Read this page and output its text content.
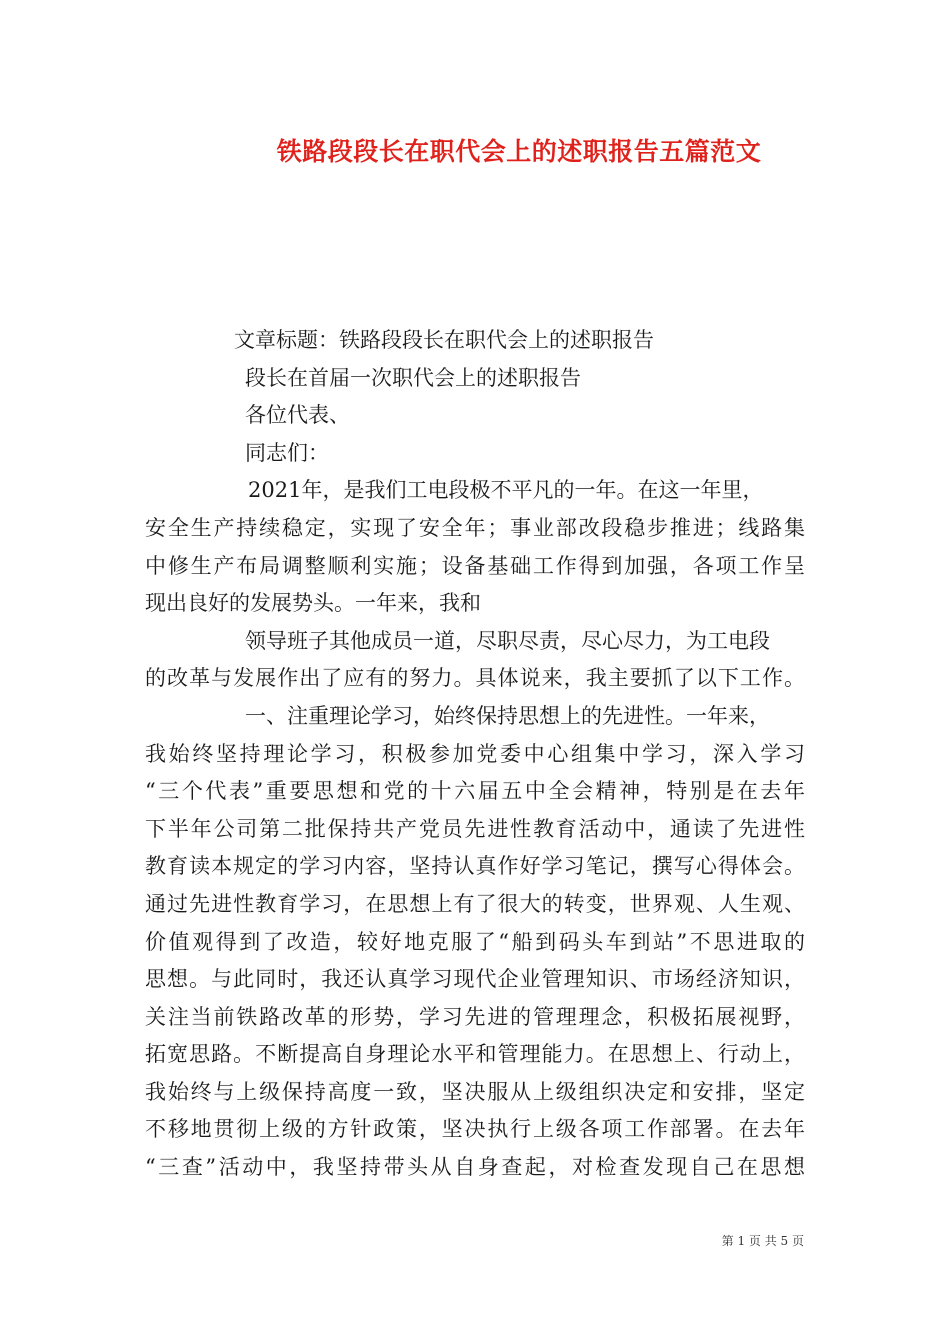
铁路段段长在职代会上的述职报告五篇范文
文章标题：铁路段段长在职代会上的述职报告
段长在首届一次职代会上的述职报告
各位代表、
同志们：
2021年，是我们工电段极不平凡的一年。在这一年里，
安全生产持续稳定，实现了安全年；事业部改段稳步推进；线路集
中修生产布局调整顺利实施；设备基础工作得到加强，各项工作呈
现出良好的发展势头。一年来，我和
领导班子其他成员一道，尽职尽责，尽心尽力，为工电段
的改革与发展作出了应有的努力。具体说来，我主要抓了以下工作。
一、注重理论学习，始终保持思想上的先进性。一年来，
我始终坚持理论学习，积极参加党委中心组集中学习，深入学习
“三个代表”重要思想和党的十六届五中全会精神，特别是在去年
下半年公司第二批保持共产党员先进性教育活动中，通读了先进性
教育读本规定的学习内容，坚持认真作好学习笔记，撰写心得体会。
通过先进性教育学习，在思想上有了很大的转变，世界观、人生观、
价值观得到了改造，较好地克服了“船到码头车到站”不思进取的
思想。与此同时，我还认真学习现代企业管理知识、市场经济知识，
关注当前铁路改革的形势，学习先进的管理理念，积极拓展视野，
拓宽思路。不断提高自身理论水平和管理能力。在思想上、行动上，
我始终与上级保持高度一致，坚决服从上级组织决定和安排，坚定
不移地贯彻上级的方针政策，坚决执行上级各项工作部署。在去年
“三查”活动中，我坚持带头从自身查起，对检查发现自己在思想
第 1 页 共 5 页
